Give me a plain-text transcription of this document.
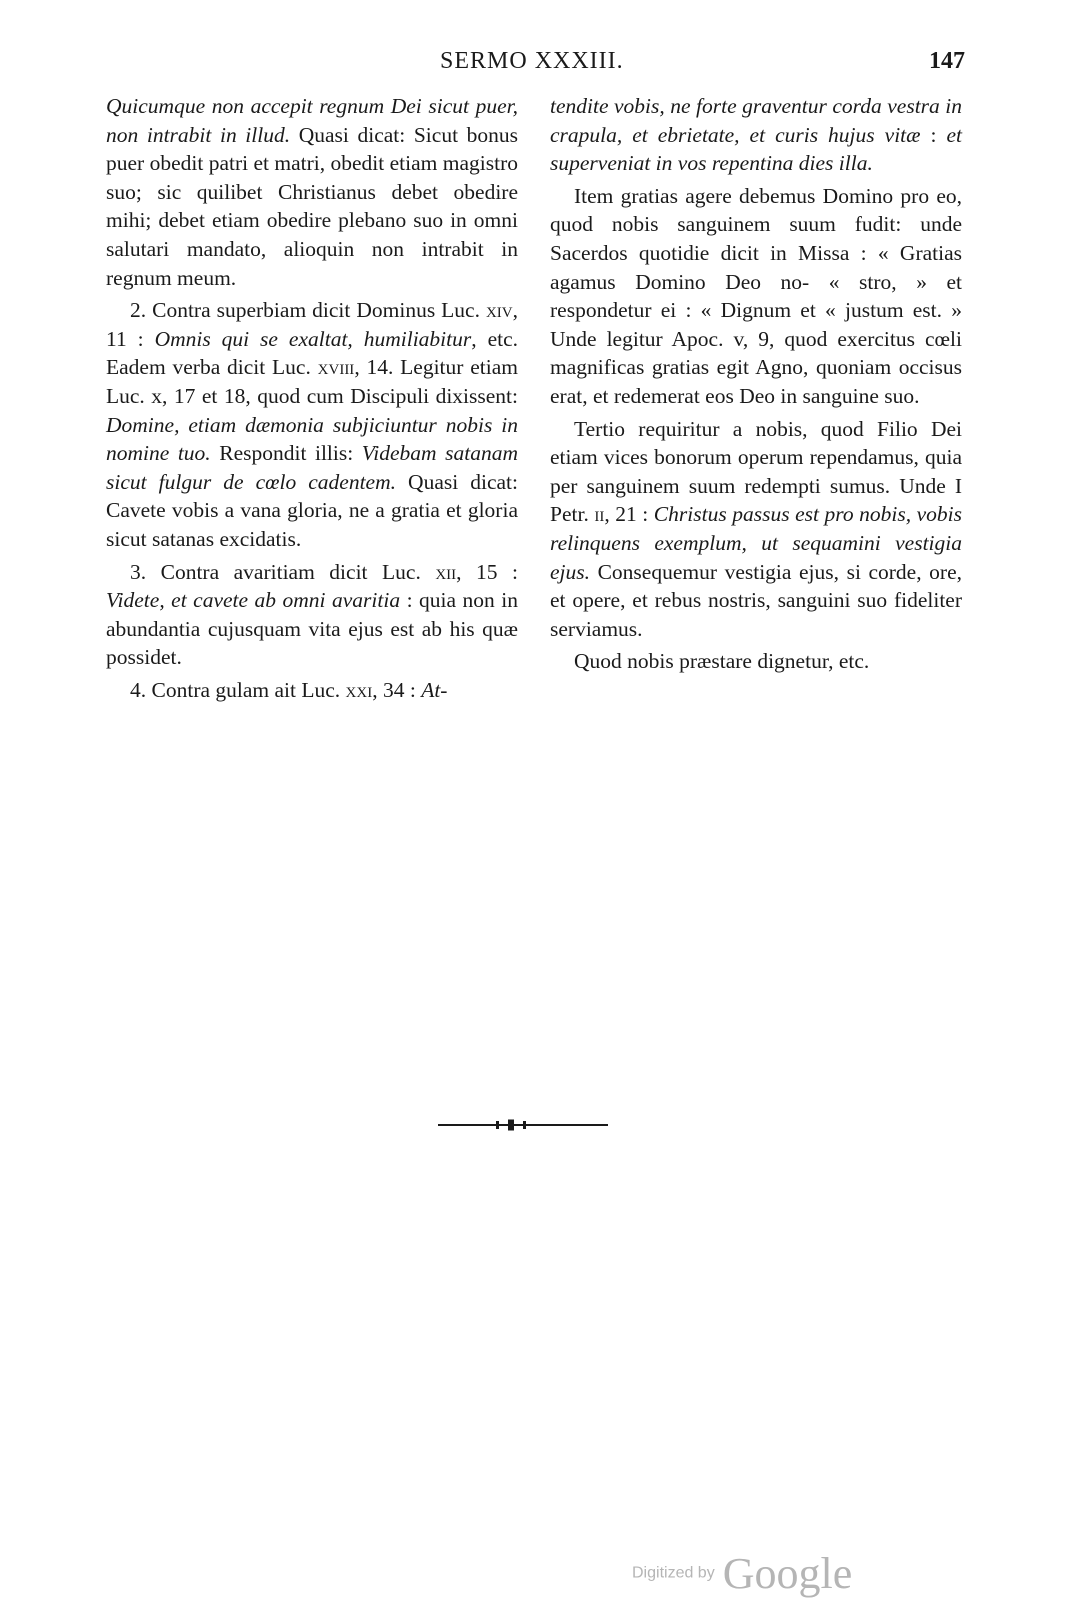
SERMO XXXIII.	147

Quicumque non accepit regnum Dei sicut puer, non intrabit in illud. Quasi dicat: Sicut bonus puer obedit patri et matri, obedit etiam magistro suo; sic quilibet Christianus debet obedire mihi; debet etiam obedire plebano suo in omni salutari mandato, alioquin non intrabit in regnum meum.

2. Contra superbiam dicit Dominus Luc. xiv, 11 : Omnis qui se exaltat, humiliabitur, etc. Eadem verba dicit Luc. xviii, 14. Legitur etiam Luc. x, 17 et 18, quod cum Discipuli dixissent: Domine, etiam dæmonia subjiciuntur nobis in nomine tuo. Respondit illis: Videbam satanam sicut fulgur de cœlo cadentem. Quasi dicat: Cavete vobis a vana gloria, ne a gratia et gloria sicut satanas excidatis.

3. Contra avaritiam dicit Luc. xii, 15 : Videte, et cavete ab omni avaritia : quia non in abundantia cujusquam vita ejus est ab his quæ possidet.

4. Contra gulam ait Luc. xxi, 34 : At-

tendite vobis, ne forte graventur corda vestra in crapula, et ebrietate, et curis hujus vitæ : et superveniat in vos repentina dies illa.

Item gratias agere debemus Domino pro eo, quod nobis sanguinem suum fudit: unde Sacerdos quotidie dicit in Missa : « Gratias agamus Domino Deo no- « stro, » et respondetur ei : « Dignum et « justum est. » Unde legitur Apoc. v, 9, quod exercitus cœli magnificas gratias egit Agno, quoniam occisus erat, et redemerat eos Deo in sanguine suo.

Tertio requiritur a nobis, quod Filio Dei etiam vices bonorum operum rependamus, quia per sanguinem suum redempti sumus. Unde I Petr. ii, 21 : Christus passus est pro nobis, vobis relinquens exemplum, ut sequamini vestigia ejus. Consequemur vestigia ejus, si corde, ore, et opere, et rebus nostris, sanguini suo fideliter serviamus.

Quod nobis præstare dignetur, etc.

Digitized by Google
